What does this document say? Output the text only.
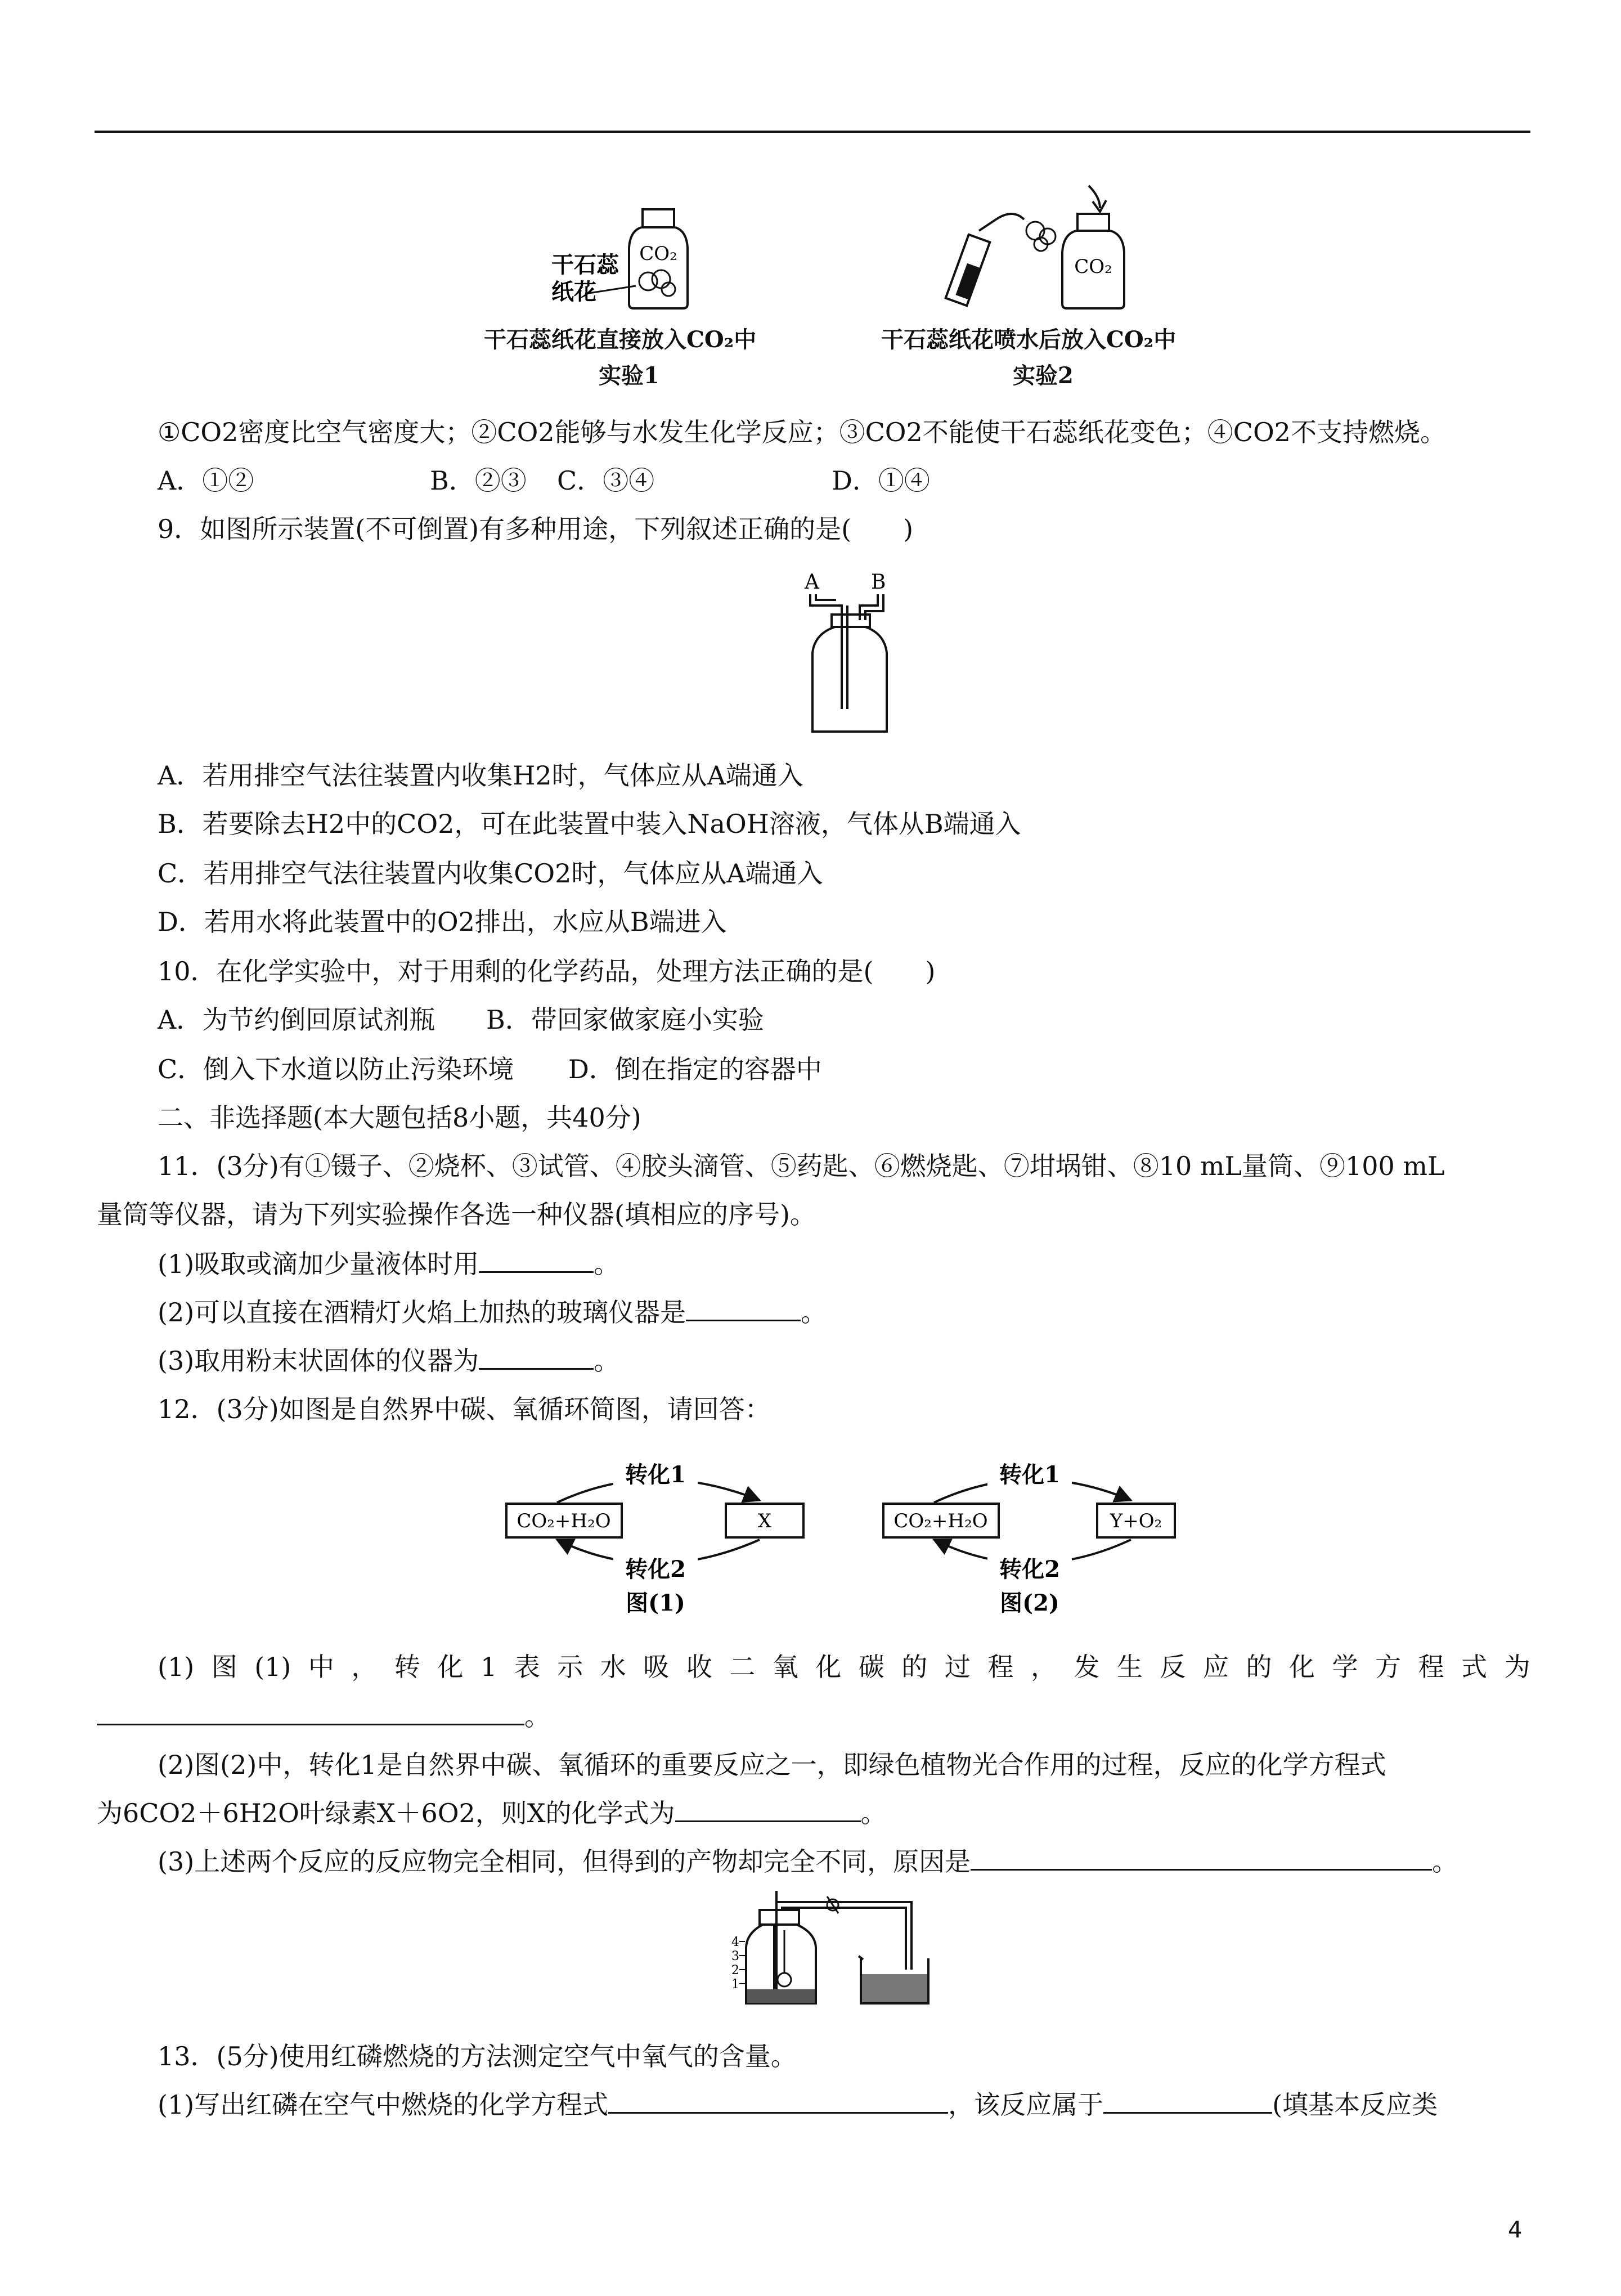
CO₂
干石蕊
纸花
CO₂
干石蕊纸花直接放入CO₂中
实验1
干石蕊纸花喷水后放入CO₂中
实验2
①CO2密度比空气密度大；②CO2能够与水发生化学反应；③CO2不能使干石蕊纸花变色；④CO2不支持燃烧。
A．①②	B．②③ C．③④	D．①④
9．如图所示装置(不可倒置)有多种用途，下列叙述正确的是(　　)
A	B
A．若用排空气法往装置内收集H2时，气体应从A端通入
B．若要除去H2中的CO2，可在此装置中装入NaOH溶液，气体从B端通入
C．若用排空气法往装置内收集CO2时，气体应从A端通入
D．若用水将此装置中的O2排出，水应从B端进入
10．在化学实验中，对于用剩的化学药品，处理方法正确的是(　　)
A．为节约倒回原试剂瓶 B．带回家做家庭小实验
C．倒入下水道以防止污染环境 D．倒在指定的容器中
二、非选择题(本大题包括8小题，共40分)
11．(3分)有①镊子、②烧杯、③试管、④胶头滴管、⑤药匙、⑥燃烧匙、⑦坩埚钳、⑧10 mL量筒、⑨100 mL
量筒等仪器，请为下列实验操作各选一种仪器(填相应的序号)。
(1)吸取或滴加少量液体时用	。
(2)可以直接在酒精灯火焰上加热的玻璃仪器是	。
(3)取用粉末状固体的仪器为	。
12．(3分)如图是自然界中碳、氧循环简图，请回答：
CO₂+H₂O	X
转化1
转化2
图(1)
CO₂+H₂O	Y+O₂
转化1
转化2
图(2)
(1) 图 (1) 中 ， 转 化 1 表 示 水 吸 收 二 氧 化 碳 的 过 程 ， 发 生 反 应 的 化 学 方 程 式 为
。
(2)图(2)中，转化1是自然界中碳、氧循环的重要反应之一，即绿色植物光合作用的过程，反应的化学方程式
为6CO2＋6H2O叶绿素X＋6O2，则X的化学式为	。
(3)上述两个反应的反应物完全相同，但得到的产物却完全不同，原因是	。
4
3
2
1
13．(5分)使用红磷燃烧的方法测定空气中氧气的含量。
(1)写出红磷在空气中燃烧的化学方程式	，该反应属于	(填基本反应类
4
